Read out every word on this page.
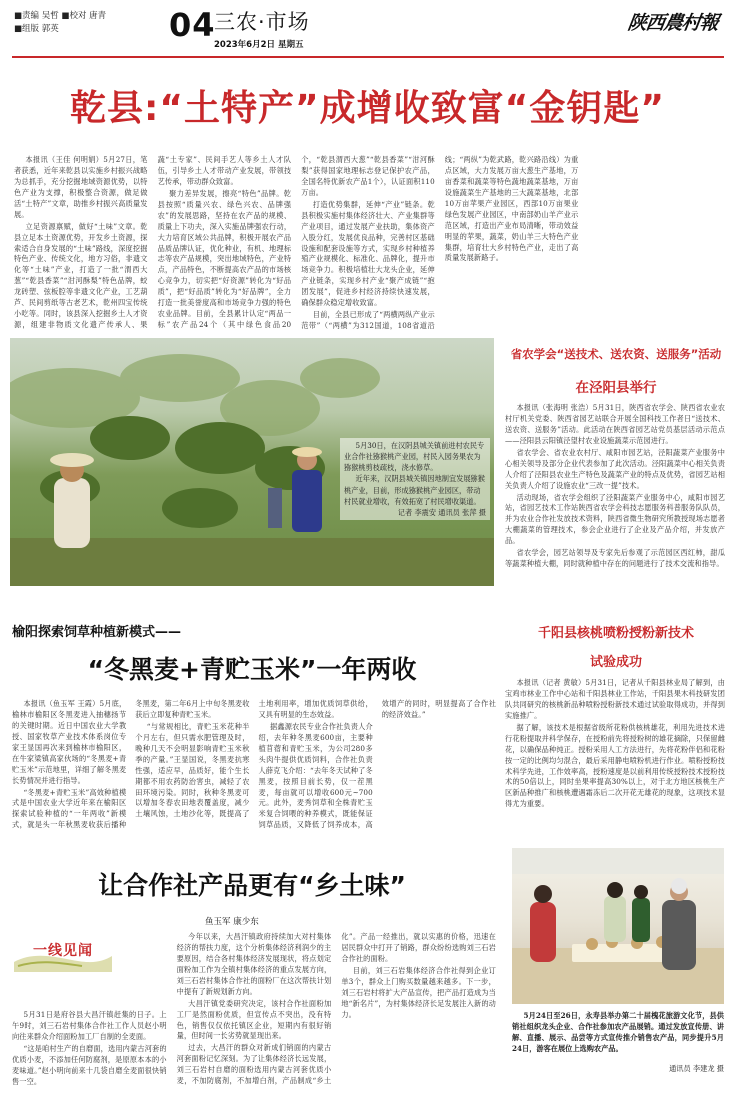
■责编 吴哲 ■校对 唐青
■组版 郭英	04
三农·市场
2023年6月2日 星期五
陕西農村報
乾县:“土特产”成增收致富“金钥匙”

本报讯（王佳 何明娟）5月27日，笔者获悉，近年来乾县以实施乡村振兴战略为总抓手，充分挖掘地域资源优势，以特色产业为支撑，积极整合资源，做足做活“土特产”文章，助推乡村振兴高质量发展。

立足资源禀赋，做好“土味”文章。乾县立足本土资源优势，开发乡土资源，探索适合自身发展的“土味”路线，深度挖掘特色产业、传统文化，地方习俗，非遗文化等“土味”产业，打造了一批“渭西大葱”“乾县香菜”“泔河酥梨”特色品牌，蛟龙砖塑、弦板腔等非遗文化产业，工艺葫芦、民间剪纸等古老艺术，乾州四宝传统小吃等。同时，该县深入挖掘乡土人才资源，组建非物质文化遗产传承人、果蔬“土专家”、民间手艺人等乡土人才队伍，引导乡土人才带动产业发展，带领技艺传承，带动群众致富。

聚力差异发展，擦亮“特色”品牌。乾县按照“质量兴农、绿色兴农、品牌强农”的发展思路，坚持在农产品的规模、质量上下功夫，深入实施品牌强农行动，大力培育区域公共品牌，积极开展农产品品质品牌认证，优化种业，有机、地理标志等农产品规模，突出地域特色，产业特点，产品特色，不断提高农产品的市场核心竞争力，切实把“好资源”转化为“好品质”，把“好品质”转化为“好品牌”，全力打造一批美誉度高和市场竞争力强的特色农业品牌。目前，全县累计认定“两品一标”农产品24个（其中绿色食品20个，“乾县渭西大葱”“乾县香菜”“泔河酥梨”获得国家地理标志登记保护农产品，全国名特优新农产品1个），认证面积110万亩。

打造优势集群，延伸“产业”链条。乾县积极实施村集体经济壮大、产业集群等产业项目，通过发展产业扶助，集体资产入股分红，发展优良品种，完善村区基础设施和配套设施等方式，实现乡村种植养殖产业规模化、标准化、品牌化，提升市场竞争力。积极培植壮大龙头企业，延伸产业链条，实现乡村产业“聚产成链”“抱团发展”，促进乡村经济持续快速发展，确保群众稳定增收致富。

目前，全县已形成了“两横两纵产业示范带”（“两横”为312国道，108省道沿线；“两纵”为乾武路，乾兴路沿线）为重点区域，大力发展万亩大葱生产基地，万亩香菜和蔬菜等特色蔬地蔬菜基地，万亩设施蔬菜生产基地的三大蔬菜基地，北部10万亩苹果产业园区，西部10万亩果业绿色发展产业园区，中南部奶山羊产业示范区域，打造出产业布局清晰，带动效益明显的苹果，蔬菜，奶山羊三大特色产业集群，培育壮大乡村特色产业，走出了高质量发展新路子。

5月30日，在汉阴县城关镇前进村农民专业合作社猕猴桃产业园，村民入园务果农为猕猴桃剪枝疏枝，浇水修草。

近年来，汉阴县城关镇因地制宜发展猕猴桃产业，目前，形成猕猴桃产业园区，带动村民就业增收，有效拓宽了村民增收渠道。

记者 李震安 通讯员 张萍 摄

省农学会“送技术、送农资、送服务”活动
在泾阳县举行

本报讯（张海明 张浩）5月31日，陕西省农学会、陕西省农业农村厅机关党委、陕西省园艺站联合开展全国科技工作者日“送技术、送农资、送服务”活动。此活动在陕西省园艺站党员基层活动示范点——泾阳县云阳镇泾望村农业设施蔬菜示范园进行。

省农学会、省农业农村厅、咸阳市园艺站，泾阳蔬菜产业服务中心相关领导及部分企业代表参加了此次活动。泾阳蔬菜中心相关负责人介绍了泾阳县农业生产特色及蔬菜产业的特点及优势，省园艺站相关负责人介绍了设施农业“三改一提”技术。

活动现场，省农学会组织了泾阳蔬菜产业服务中心，咸阳市园艺站，省园艺技术工作站陕西省农学会科技志愿服务科普服务队队员，并为农业合作社发放技术资料，陕西省微生物研究所教授现场志愿者大棚蔬菜的管理技术，参会企业进行了企业及产品介绍，并发放产品。

省农学会，园艺站领导及专家先后参观了示范园区西红柿，甜瓜等蔬菜种植大棚，同时就种植中存在的问题进行了技术交流和指导。

千阳县核桃喷粉授粉新技术
试验成功

本报讯（记者 黄敏）5月31日，记者从千阳县林业局了解到，由宝鸡市林业工作中心站和千阳县林业工作站，千阳县果木科技研发团队共同研究的核桃新品种喷粉授粉新技术通过试验取得成功，并得到实施推广。

据了解，该技术是根据省级所花粉供核桃雄花，利用先进技术进行花粉提取并科学保存，在授粉前先将授粉树的雄花摘除，只保留雌花，以确保品种纯正。授粉采用人工方法进行，先将花粉伴侣和花粉按一定的比例均匀混合，最后采用静电喷粉机进行作业。喷粉授粉技术科学先进，工作效率高，授粉速度是以前利用传统授粉技术授粉技术的50倍以上，同时坐果率提高30%以上，对于北方地区核桃生产区新品种推广和核桃遭遇霜冻后二次开花无雄花的现象，这项技术显得尤为重要。

榆阳探索饲草种植新模式——
“冬黑麦+青贮玉米”一年两收

本报讯（鱼玉军 王霞）5月底，榆林市榆阳区冬黑麦进入抽穗扬节的关键时期。近日中国农业大学教授、国家牧草产业技术体系岗位专家王显国再次来到榆林市榆阳区，在牛家梁镇高家伙场的“冬黑麦+青贮玉米”示范地里，详细了解冬黑麦长势情况并进行指导。

“冬黑麦+青贮玉米”高效种植模式是中国农业大学近年来在榆阳区探索试验种植的“一年两收”新模式，就是头一年秋黑麦收获后播种冬黑麦，第二年6月上中旬冬黑麦收获后立即复种青贮玉米。

“与常规相比，青贮玉米花种半个月左右，但只需水肥管理及时，晚种几天不会明显影响青贮玉米秋季的产量。”王显国说，冬黑麦抗寒性强，适应早，品质好，能个生长期都不用农药防治害虫，减轻了农田环境污染。同时，秋种冬黑麦可以增加冬春农田地表覆盖度，减少土壤风蚀，土地沙化等，既提高了土地利用率，增加优质饲草供给，又具有明显的生态效益。

据鑫源农民专业合作社负责人介绍，去年种冬黑麦600亩，主要种植苜蓿和青贮玉米，为公司280多头肉牛提供优质饲料，合作社负责人薛克飞介绍：“去年冬天试种了冬黑麦，按照目前长势，仅一茬黑麦，每亩就可以增收600元~700元。此外，麦秀饲草和全株青贮玉米复合饲喂的种养模式，既能保证饲草品质，又降低了饲养成本，高效增产的同时，明显提高了合作社的经济效益。”

让合作社产品更有“乡土味”
鱼玉军 康少东
一线见闻

5月31日是府谷县大昌汗镇赶集的日子。上午9时，刘三石岩村集体合作社工作人员赵小明向往来群众介绍面粉加工厂自制的全麦面。

“这是咱村生产的自磨面，选用内蒙古河套的优质小麦，不添加任何防腐剂，是原原本本的小麦味道。”赵小明向前来十几袋自磨全麦面很快销售一空。

今年以来，大昌汗镇政府持续加大对村集体经济的帮扶力度，这个分析集体经济利润少的主要原因，结合各村集体经济发展现状，将点划定面粉加工作为全镇村集体经济的重点发展方向，刘三石岩村集体合作社的面粉厂在这次帮扶计划中提有了新规划新方向。

大昌汗镇党委研究决定，该村合作社面粉加工厂是然面粉优质，但宣传点不突出，没有特色，销售仅仅依托镇区企业，短期内有很好销量，但时间一长劣势就显现出来。

过去，大昌汗的群众对新成们销面的内蒙古河套面粉记忆深刻。为了让集体经济长远发展，刘三石岩村自磨的面粉选用内蒙古河套优质小麦，不加防腐剂，不加增白剂，产品制成“乡土化”。产品一经推出，就以实惠的价格，迅速在居民群众中打开了销路，群众纷纷选购刘三石岩合作社的面粉。

目前，刘三石岩集体经济合作社得到企业订单3个，群众上门购买数量越来越多。下一步，刘三石岩村将扩大产品宣传，把产品打造成为当地“新名片”，为村集体经济长足发展注入新的动力。	5月24日至26日，永寿县举办第二十届槐花旅游文化节，县供销社组织龙头企业、合作社参加农产品展销。通过发放宣传册、讲解、直播、展示、品尝等方式宣传推介销售农产品，同步提升5月24日，游客在展位上选购农产品。
通讯员 李建龙 摄
